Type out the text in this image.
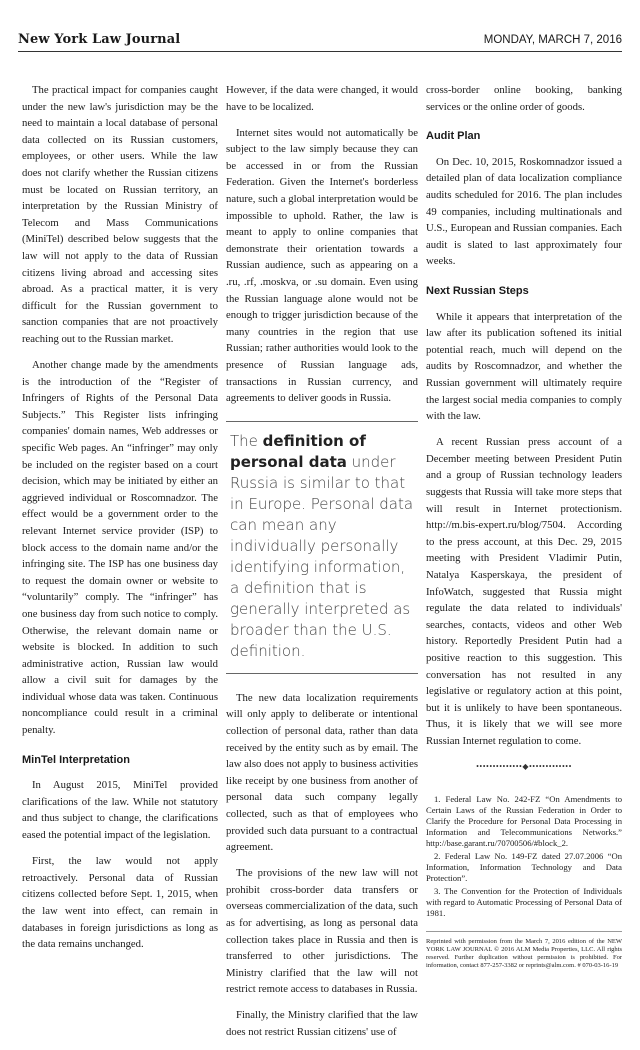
New York Law Journal	MONDAY, MARCH 7, 2016

The practical impact for companies caught under the new law's jurisdiction may be the need to maintain a local database of personal data collected on its Russian customers, employees, or other users. While the law does not clarify whether the Russian citizens must be located on Russian territory, an interpretation by the Russian Ministry of Telecom and Mass Communications (MiniTel) described below suggests that the law will not apply to the data of Russian citizens living abroad and accessing sites abroad. As a practical matter, it is very difficult for the Russian government to sanction companies that are not proactively reaching out to the Russian market.

Another change made by the amendments is the introduction of the “Register of Infringers of Rights of the Personal Data Subjects.” This Register lists infringing companies' domain names, Web addresses or specific Web pages. An “infringer” may only be included on the register based on a court decision, which may be initiated by either an aggrieved individual or Roscomnadzor. The effect would be a government order to the relevant Internet service provider (ISP) to block access to the domain name and/or the infringing site. The ISP has one business day to request the domain owner or website to “voluntarily” comply. The “infringer” has one business day from such notice to comply. Otherwise, the relevant domain name or website is blocked. In addition to such administrative action, Russian law would allow a civil suit for damages by the individual whose data was taken. Continuous noncompliance could result in a criminal penalty.

MinTel Interpretation

In August 2015, MiniTel provided clarifications of the law. While not statutory and thus subject to change, the clarifications eased the potential impact of the legislation.

First, the law would not apply retroactively. Personal data of Russian citizens collected before Sept. 1, 2015, when the law went into effect, can remain in databases in foreign jurisdictions as long as the data remains unchanged.

However, if the data were changed, it would have to be localized.

Internet sites would not automatically be subject to the law simply because they can be accessed in or from the Russian Federation. Given the Internet's borderless nature, such a global interpretation would be impossible to uphold. Rather, the law is meant to apply to online companies that demonstrate their orientation towards a Russian audience, such as appearing on a .ru, .rf, .moskva, or .su domain. Even using the Russian language alone would not be enough to trigger jurisdiction because of the many countries in the region that use Russian; rather authorities would look to the presence of Russian language ads, transactions in Russian currency, and agreements to deliver goods in Russia.

The definition of personal data under Russia is similar to that in Europe. Personal data can mean any individually personally identifying information, a definition that is generally interpreted as broader than the U.S. definition.

The new data localization requirements will only apply to deliberate or intentional collection of personal data, rather than data received by the entity such as by email. The law also does not apply to business activities like receipt by one business from another of personal data such company legally collected, such as that of employees who provided such data pursuant to a contractual agreement.

The provisions of the new law will not prohibit cross-border data transfers or overseas commercialization of the data, such as for advertising, as long as personal data collection takes place in Russia and then is transferred to other jurisdictions. The Ministry clarified that the law will not restrict remote access to databases in Russia.

Finally, the Ministry clarified that the law does not restrict Russian citizens' use of

cross-border online booking, banking services or the online order of goods.

Audit Plan

On Dec. 10, 2015, Roskomnadzor issued a detailed plan of data localization compliance audits scheduled for 2016. The plan includes 49 companies, including multinationals and U.S., European and Russian companies. Each audit is slated to last approximately four weeks.

Next Russian Steps

While it appears that interpretation of the law after its publication softened its initial potential reach, much will depend on the audits by Roscomnadzor, and whether the Russian government will ultimately require the largest social media companies to comply with the law.

A recent Russian press account of a December meeting between President Putin and a group of Russian technology leaders suggests that Russia will take more steps that will result in Internet protectionism. http://m.bis-expert.ru/blog/7504. According to the press account, at this Dec. 29, 2015 meeting with President Vladimir Putin, Natalya Kasperskaya, the president of InfoWatch, suggested that Russia might regulate the data related to individuals' searches, contacts, videos and other Web history. Reportedly President Putin had a positive reaction to this suggestion. This conversation has not resulted in any legislative or regulatory action at this point, but it is unlikely to have been spontaneous. Thus, it is likely that we will see more Russian Internet regulation to come.

••••••••••••••◆•••••••••••••

1. Federal Law No. 242-FZ “On Amendments to Certain Laws of the Russian Federation in Order to Clarify the Procedure for Personal Data Processing in Information and Telecommunications Networks.” http://base.garant.ru/70700506/#block_2.

2. Federal Law No. 149-FZ dated 27.07.2006 “On Information, Information Technology and Data Protection”.

3. The Convention for the Protection of Individuals with regard to Automatic Processing of Personal Data of 1981.

Reprinted with permission from the March 7, 2016 edition of the NEW YORK LAW JOURNAL © 2016 ALM Media Properties, LLC. All rights reserved. Further duplication without permission is prohibited. For information, contact 877-257-3382 or reprints@alm.com. # 070-03-16-19
